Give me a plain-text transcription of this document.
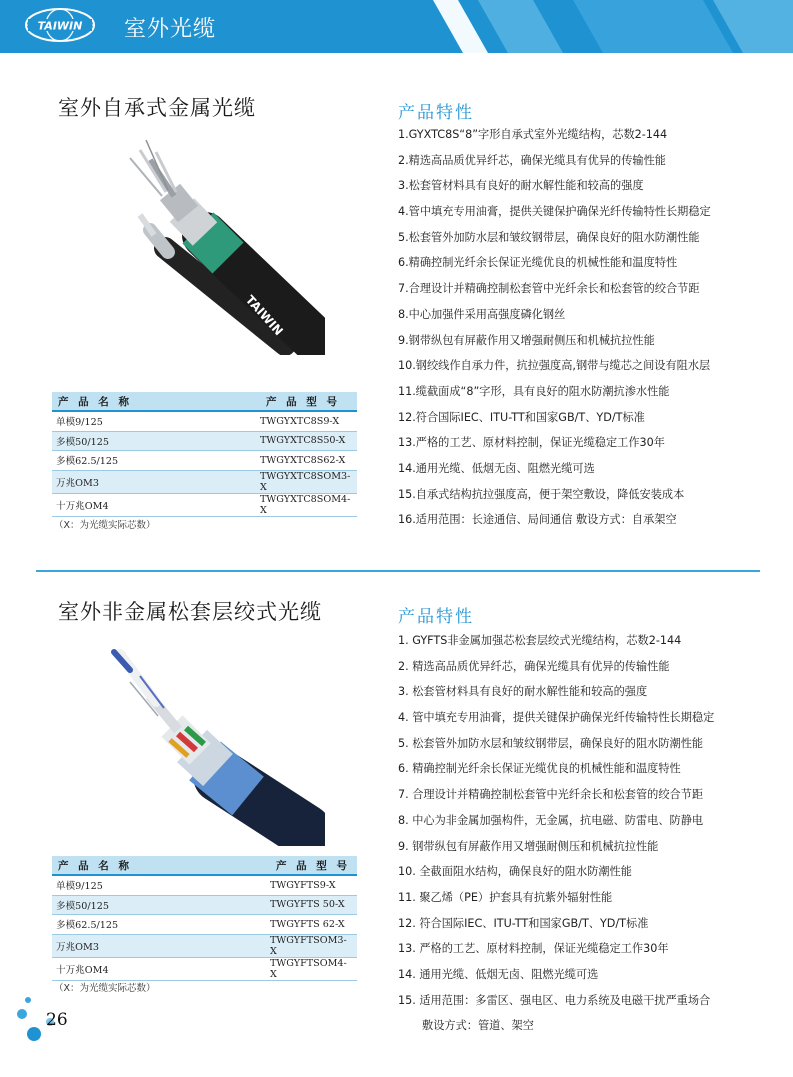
TAIWIN 室外光缆
室外自承式金属光缆
TAIWIN
产 品 名 称	产 品 型 号
单模9/125	TWGYXTC8S9-X
多模50/125	TWGYXTC8S50-X
多模62.5/125	TWGYXTC8S62-X
万兆OM3	TWGYXTC8SOM3-X
十万兆OM4	TWGYXTC8SOM4-X
（X：为光缆实际芯数）
产品特性
1.GYXTC8S“8”字形自承式室外光缆结构，芯数2-144
2.精选高品质优异纤芯，确保光缆具有优异的传输性能
3.松套管材料具有良好的耐水解性能和较高的强度
4.管中填充专用油膏，提供关键保护确保光纤传输特性长期稳定
5.松套管外加防水层和皱纹钢带层，确保良好的阻水防潮性能
6.精确控制光纤余长保证光缆优良的机械性能和温度特性
7.合理设计并精确控制松套管中光纤余长和松套管的绞合节距
8.中心加强件采用高强度磷化钢丝
9.钢带纵包有屏蔽作用又增强耐侧压和机械抗拉性能
10.钢绞线作自承力件，抗拉强度高,钢带与缆芯之间设有阻水层
11.缆截面成“8”字形，具有良好的阻水防潮抗渗水性能
12.符合国际IEC、ITU-TT和国家GB/T、YD/T标准
13.严格的工艺、原材料控制，保证光缆稳定工作30年
14.通用光缆、低烟无卤、阻燃光缆可选
15.自承式结构抗拉强度高，便于架空敷设，降低安装成本
16.适用范围：长途通信、局间通信 敷设方式：自承架空
室外非金属松套层绞式光缆
产 品 名 称	产 品 型 号
单模9/125	TWGYFTS9-X
多模50/125	TWGYFTS 50-X
多模62.5/125	TWGYFTS 62-X
万兆OM3	TWGYFTSOM3-X
十万兆OM4	TWGYFTSOM4-X
（X：为光缆实际芯数）
产品特性
1. GYFTS非金属加强芯松套层绞式光缆结构，芯数2-144
2. 精选高品质优异纤芯，确保光缆具有优异的传输性能
3. 松套管材料具有良好的耐水解性能和较高的强度
4. 管中填充专用油膏，提供关键保护确保光纤传输特性长期稳定
5. 松套管外加防水层和皱纹钢带层，确保良好的阻水防潮性能
6. 精确控制光纤余长保证光缆优良的机械性能和温度特性
7. 合理设计并精确控制松套管中光纤余长和松套管的绞合节距
8. 中心为非金属加强构件，无金属，抗电磁、防雷电、防静电
9. 钢带纵包有屏蔽作用又增强耐侧压和机械抗拉性能
10. 全截面阻水结构，确保良好的阻水防潮性能
11. 聚乙烯（PE）护套具有抗紫外辐射性能
12. 符合国际IEC、ITU-TT和国家GB/T、YD/T标准
13. 严格的工艺、原材料控制，保证光缆稳定工作30年
14. 通用光缆、低烟无卤、阻燃光缆可选
15. 适用范围：多雷区、强电区、电力系统及电磁干扰严重场合
敷设方式：管道、架空
26
